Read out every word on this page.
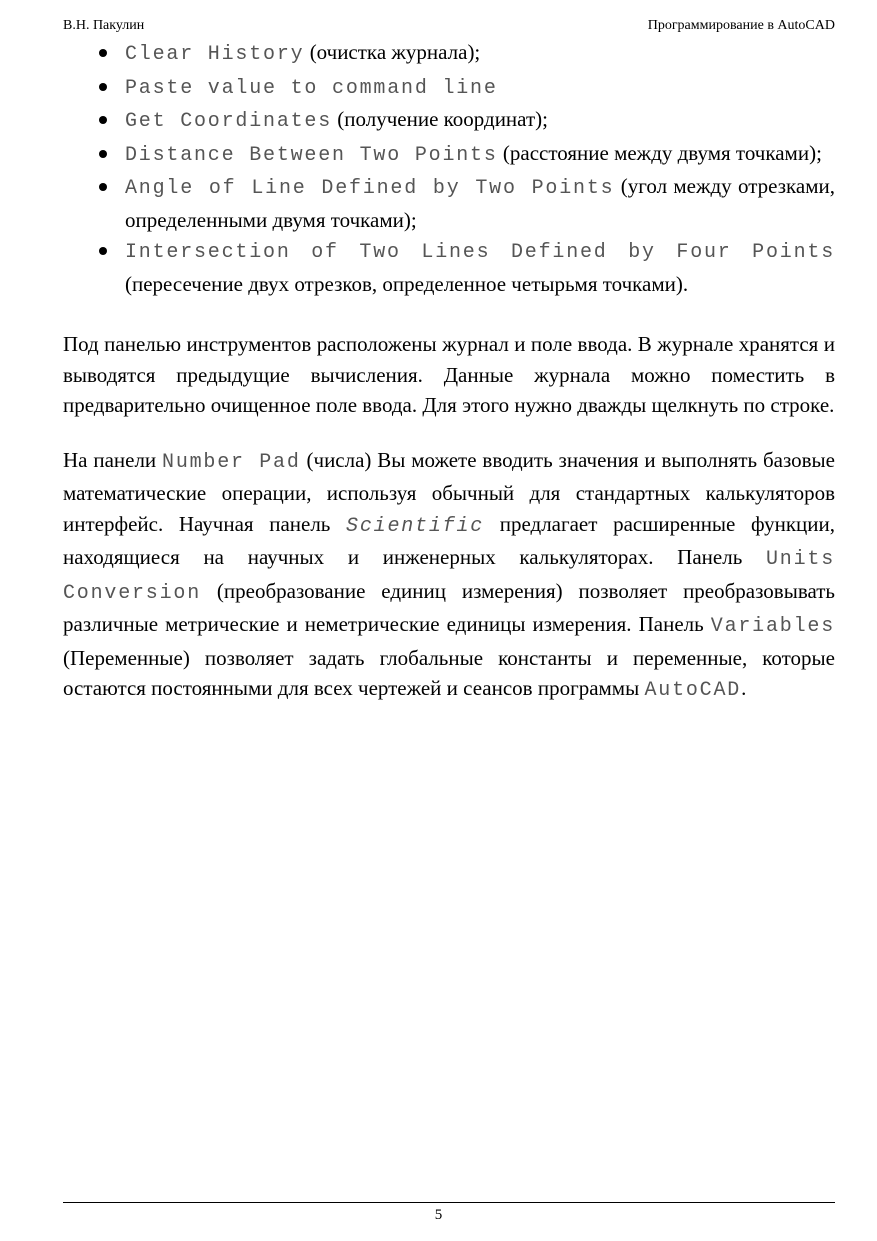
В.Н. Пакулин	Программирование в AutoCAD
Clear History (очистка журнала);
Paste value to command line
Get Coordinates (получение координат);
Distance Between Two Points (расстояние между двумя точками);
Angle of Line Defined by Two Points (угол между отрезками, определенными двумя точками);
Intersection of Two Lines Defined by Four Points (пересечение двух отрезков, определенное четырьмя точками).

Под панелью инструментов расположены журнал и поле ввода. В журнале хранятся и выводятся предыдущие вычисления. Данные журнала можно поместить в предварительно очищенное поле ввода. Для этого нужно дважды щелкнуть по строке.

На панели Number Pad (числа) Вы можете вводить значения и выполнять базовые математические операции, используя обычный для стандартных калькуляторов интерфейс. Научная панель Scientific предлагает расширенные функции, находящиеся на научных и инженерных калькуляторах. Панель Units Conversion (преобразование единиц измерения) позволяет преобразовывать различные метрические и неметрические единицы измерения. Панель Variables (Переменные) позволяет задать глобальные константы и переменные, которые остаются постоянными для всех чертежей и сеансов программы AutoCAD.

5
